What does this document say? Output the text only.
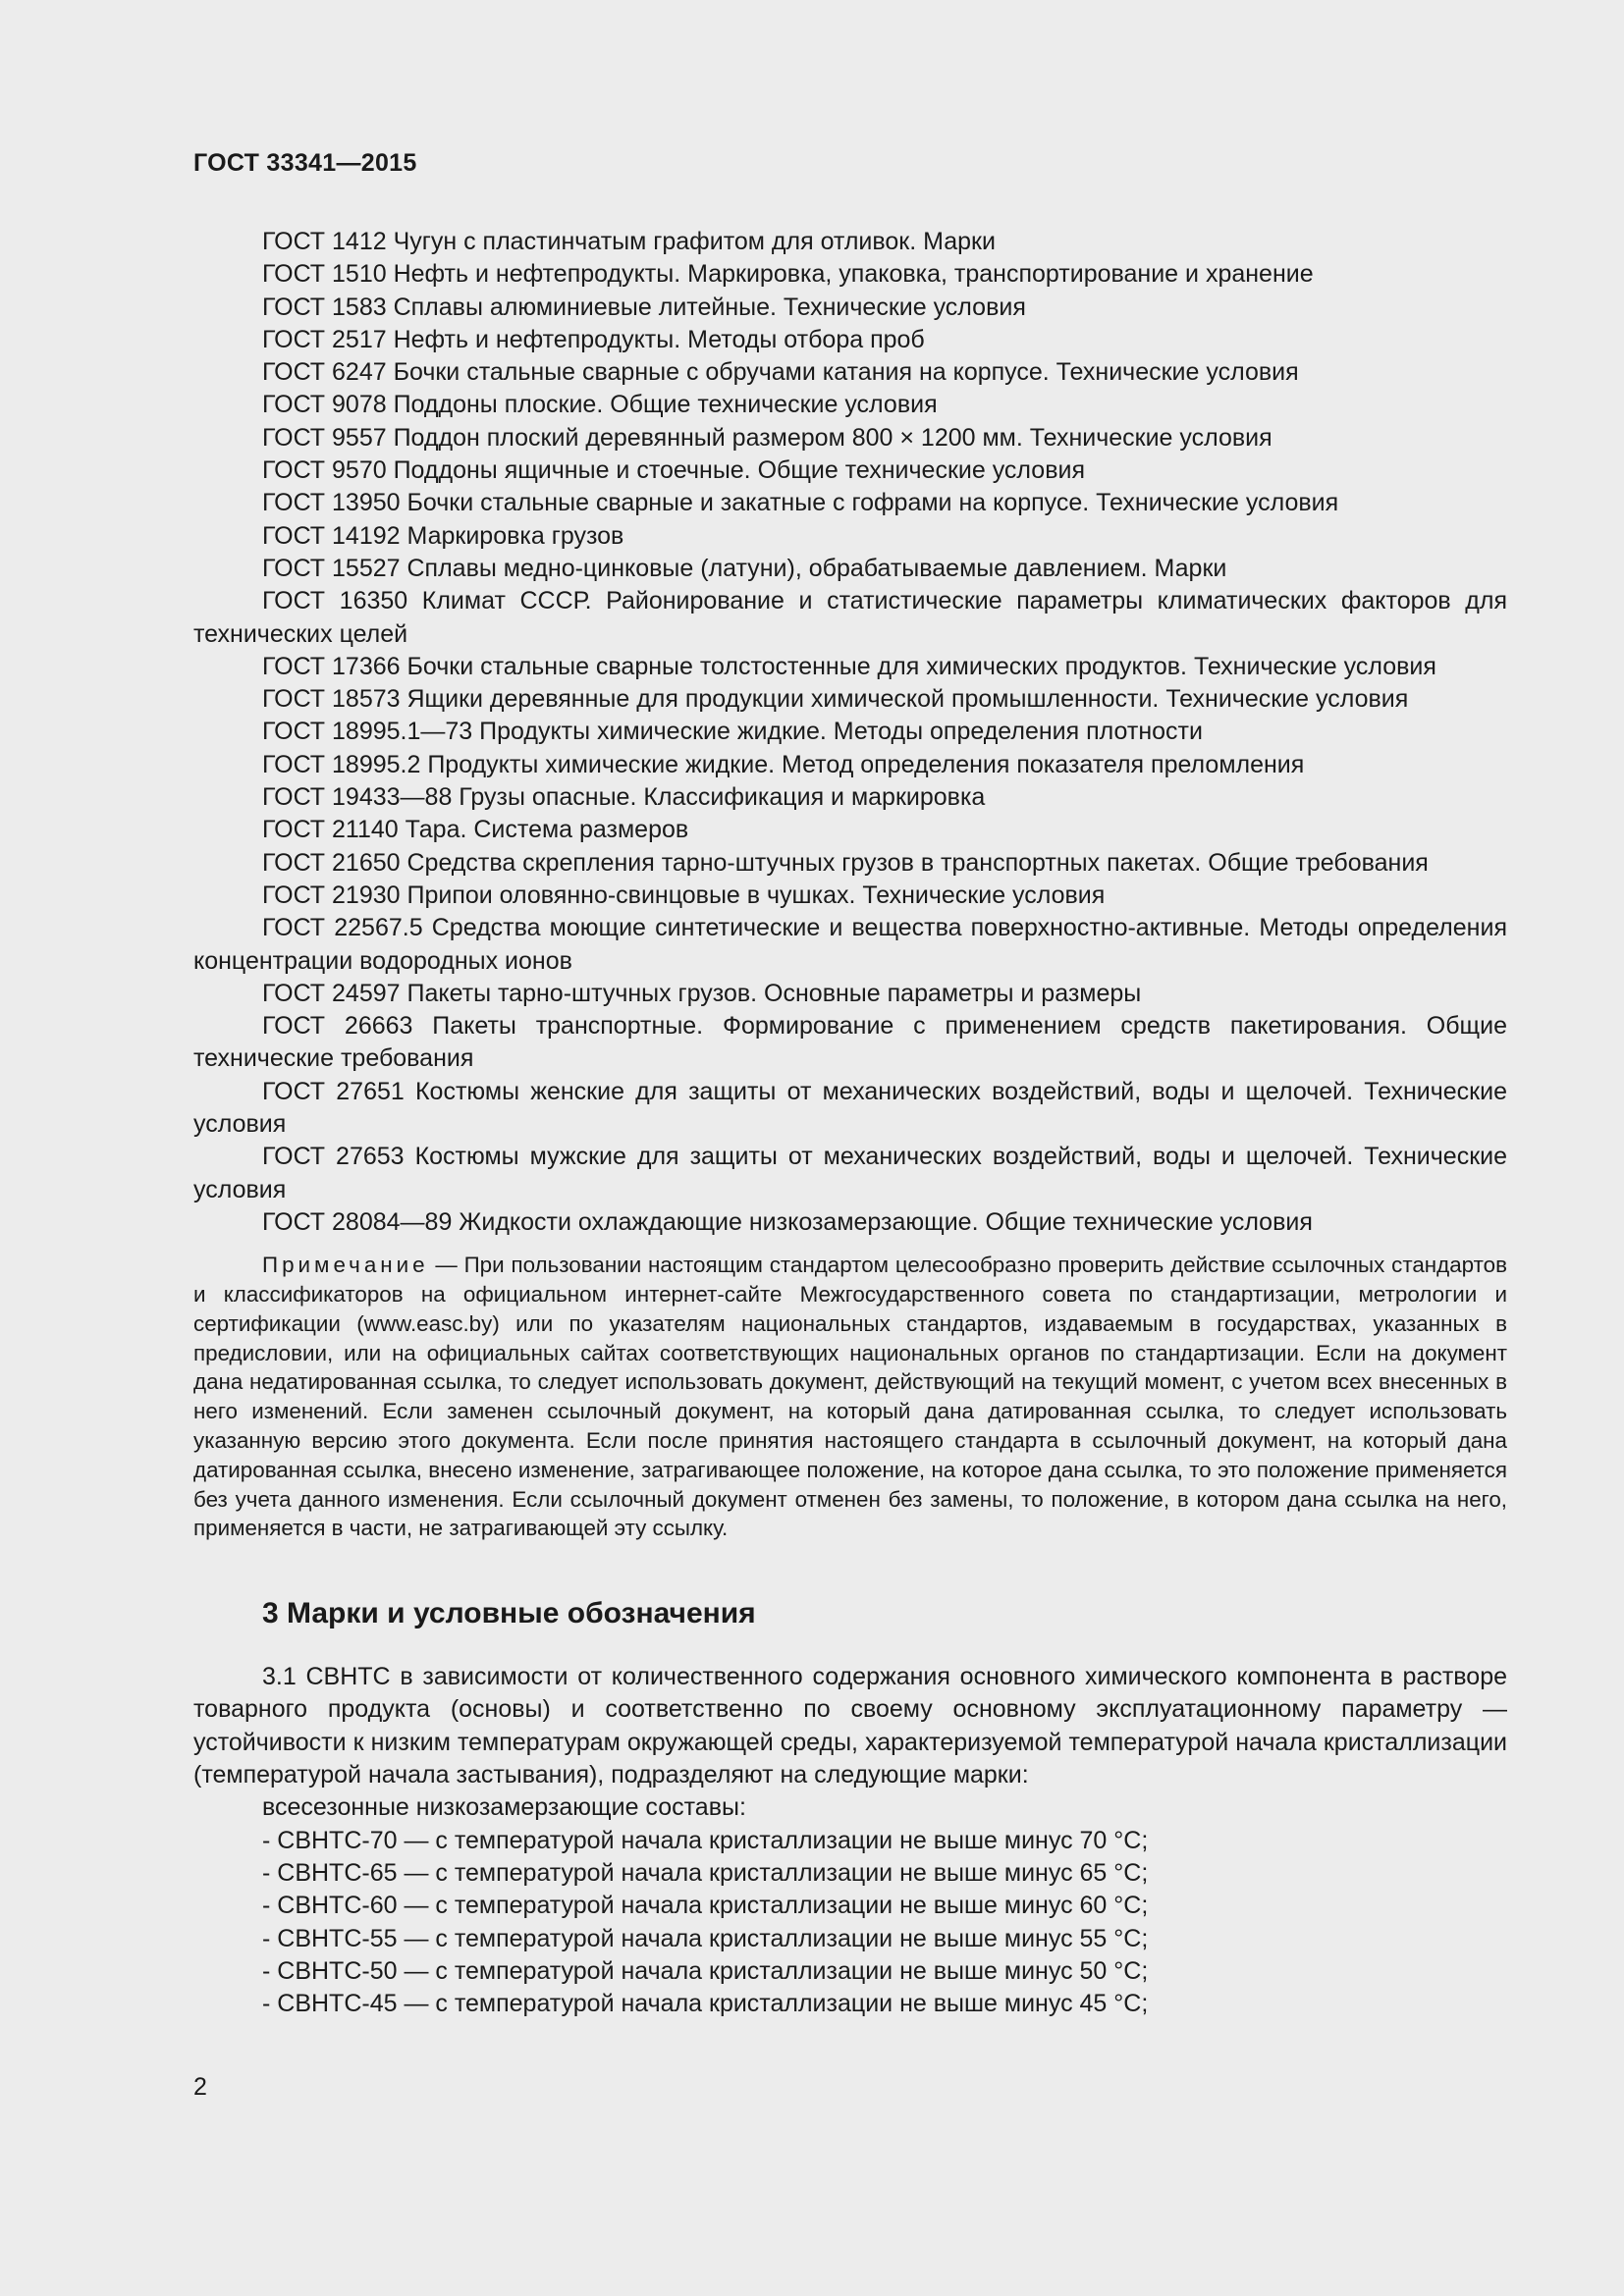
ГОСТ 33341—2015

ГОСТ 1412 Чугун с пластинчатым графитом для отливок. Марки

ГОСТ 1510 Нефть и нефтепродукты. Маркировка, упаковка, транспортирование и хранение

ГОСТ 1583 Сплавы алюминиевые литейные. Технические условия

ГОСТ 2517 Нефть и нефтепродукты. Методы отбора проб

ГОСТ 6247 Бочки стальные сварные с обручами катания на корпусе. Технические условия

ГОСТ 9078 Поддоны плоские. Общие технические условия

ГОСТ 9557 Поддон плоский деревянный размером 800 × 1200 мм. Технические условия

ГОСТ 9570 Поддоны ящичные и стоечные. Общие технические условия

ГОСТ 13950 Бочки стальные сварные и закатные с гофрами на корпусе. Технические условия

ГОСТ 14192 Маркировка грузов

ГОСТ 15527 Сплавы медно-цинковые (латуни), обрабатываемые давлением. Марки

ГОСТ 16350 Климат СССР. Районирование и статистические параметры климатических факторов для технических целей

ГОСТ 17366 Бочки стальные сварные толстостенные для химических продуктов. Технические условия

ГОСТ 18573 Ящики деревянные для продукции химической промышленности. Технические условия

ГОСТ 18995.1—73 Продукты химические жидкие. Методы определения плотности

ГОСТ 18995.2 Продукты химические жидкие. Метод определения показателя преломления

ГОСТ 19433—88 Грузы опасные. Классификация и маркировка

ГОСТ 21140 Тара. Система размеров

ГОСТ 21650 Средства скрепления тарно-штучных грузов в транспортных пакетах. Общие требования

ГОСТ 21930 Припои оловянно-свинцовые в чушках. Технические условия

ГОСТ 22567.5 Средства моющие синтетические и вещества поверхностно-активные. Методы определения концентрации водородных ионов

ГОСТ 24597 Пакеты тарно-штучных грузов. Основные параметры и размеры

ГОСТ 26663 Пакеты транспортные. Формирование с применением средств пакетирования. Общие технические требования

ГОСТ 27651 Костюмы женские для защиты от механических воздействий, воды и щелочей. Технические условия

ГОСТ 27653 Костюмы мужские для защиты от механических воздействий, воды и щелочей. Технические условия

ГОСТ 28084—89 Жидкости охлаждающие низкозамерзающие. Общие технические условия

Примечание — При пользовании настоящим стандартом целесообразно проверить действие ссылочных стандартов и классификаторов на официальном интернет-сайте Межгосударственного совета по стандартизации, метрологии и сертификации (www.easc.by) или по указателям национальных стандартов, издаваемым в государствах, указанных в предисловии, или на официальных сайтах соответствующих национальных органов по стандартизации. Если на документ дана недатированная ссылка, то следует использовать документ, действующий на текущий момент, с учетом всех внесенных в него изменений. Если заменен ссылочный документ, на который дана датированная ссылка, то следует использовать указанную версию этого документа. Если после принятия настоящего стандарта в ссылочный документ, на который дана датированная ссылка, внесено изменение, затрагивающее положение, на которое дана ссылка, то это положение применяется без учета данного изменения. Если ссылочный документ отменен без замены, то положение, в котором дана ссылка на него, применяется в части, не затрагивающей эту ссылку.

3 Марки и условные обозначения

3.1 СВНТС в зависимости от количественного содержания основного химического компонента в растворе товарного продукта (основы) и соответственно по своему основному эксплуатационному параметру — устойчивости к низким температурам окружающей среды, характеризуемой температурой начала кристаллизации (температурой начала застывания), подразделяют на следующие марки:

всесезонные низкозамерзающие составы:

- СВНТС-70 — с температурой начала кристаллизации не выше минус 70 °С;

- СВНТС-65 — с температурой начала кристаллизации не выше минус 65 °С;

- СВНТС-60 — с температурой начала кристаллизации не выше минус 60 °С;

- СВНТС-55 — с температурой начала кристаллизации не выше минус 55 °С;

- СВНТС-50 — с температурой начала кристаллизации не выше минус 50 °С;

- СВНТС-45 — с температурой начала кристаллизации не выше минус 45 °С;

2
